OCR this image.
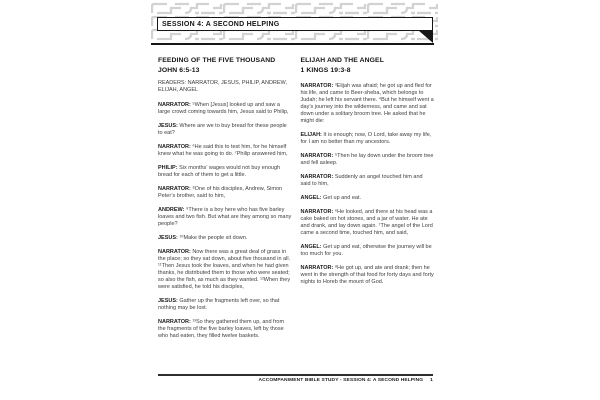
SESSION 4: A SECOND HELPING
FEEDING OF THE FIVE THOUSAND
JOHN 6:5-13
READERS: NARRATOR, JESUS, PHILIP, ANDREW, ELIJAH, ANGEL
NARRATOR: ⁵When [Jesus] looked up and saw a large crowd coming towards him, Jesus said to Philip,
JESUS: Where are we to buy bread for these people to eat?
NARRATOR: ⁶He said this to test him, for he himself knew what he was going to do. ⁷Philip answered him,
PHILIP: Six months’ wages would not buy enough bread for each of them to get a little.
NARRATOR: ⁸One of his disciples, Andrew, Simon Peter’s brother, said to him,
ANDREW: ⁹There is a boy here who has five barley loaves and two fish. But what are they among so many people?
JESUS: ¹⁰Make the people sit down.
NARRATOR: Now there was a great deal of grass in the place; so they sat down, about five thousand in all. ¹¹Then Jesus took the loaves, and when he had given thanks, he distributed them to those who were seated; so also the fish, as much as they wanted. ¹²When they were satisfied, he told his disciples,
JESUS: Gather up the fragments left over, so that nothing may be lost.
NARRATOR: ¹³So they gathered them up, and from the fragments of the five barley loaves, left by those who had eaten, they filled twelve baskets.
ELIJAH AND THE ANGEL
1 KINGS 19:3-8
NARRATOR: ³Elijah was afraid; he got up and fled for his life, and came to Beer-sheba, which belongs to Judah; he left his servant there. ⁴But he himself went a day’s journey into the wilderness, and came and sat down under a solitary broom tree. He asked that he might die:
ELIJAH: It is enough; now, O Lord, take away my life, for I am no better than my ancestors.
NARRATOR: ⁵Then he lay down under the broom tree and fell asleep.
NARRATOR: Suddenly an angel touched him and said to him,
ANGEL: Get up and eat.
NARRATOR: ⁶He looked, and there at his head was a cake baked on hot stones, and a jar of water. He ate and drank, and lay down again. ⁷The angel of the Lord came a second time, touched him, and said,
ANGEL: Get up and eat, otherwise the journey will be too much for you.
NARRATOR: ⁸He got up, and ate and drank; then he went in the strength of that food for forty days and forty nights to Horeb the mount of God.
ACCOMPANIMENT BIBLE STUDY - SESSION 4: A SECOND HELPING 1
